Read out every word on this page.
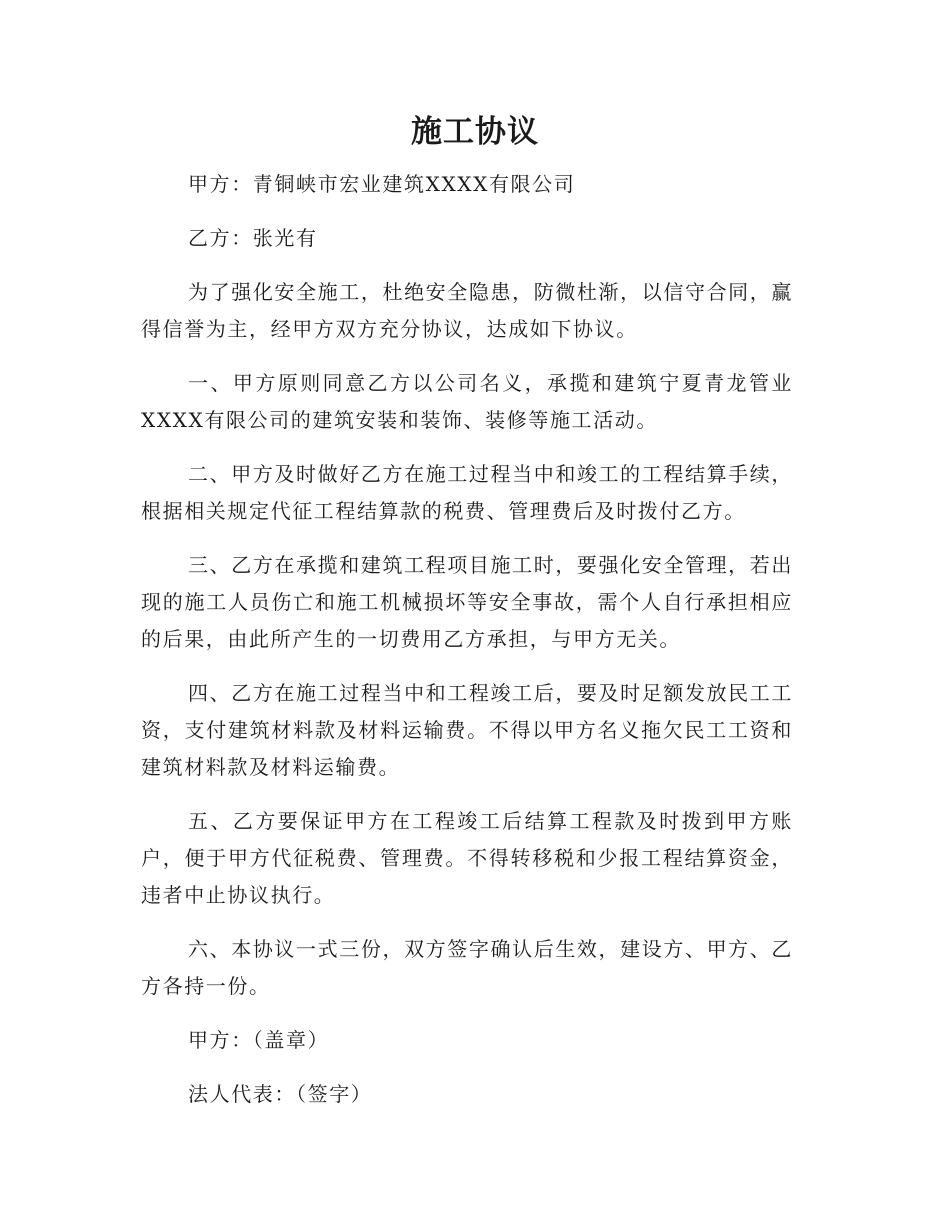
施工协议

甲方：青铜峡市宏业建筑XXXX有限公司

乙方：张光有

为了强化安全施工，杜绝安全隐患，防微杜渐，以信守合同，赢得信誉为主，经甲方双方充分协议，达成如下协议。

一、甲方原则同意乙方以公司名义，承揽和建筑宁夏青龙管业XXXX有限公司的建筑安装和装饰、装修等施工活动。

二、甲方及时做好乙方在施工过程当中和竣工的工程结算手续，根据相关规定代征工程结算款的税费、管理费后及时拨付乙方。

三、乙方在承揽和建筑工程项目施工时，要强化安全管理，若出现的施工人员伤亡和施工机械损坏等安全事故，需个人自行承担相应的后果，由此所产生的一切费用乙方承担，与甲方无关。

四、乙方在施工过程当中和工程竣工后，要及时足额发放民工工资，支付建筑材料款及材料运输费。不得以甲方名义拖欠民工工资和建筑材料款及材料运输费。

五、乙方要保证甲方在工程竣工后结算工程款及时拨到甲方账户，便于甲方代征税费、管理费。不得转移税和少报工程结算资金，违者中止协议执行。

六、本协议一式三份，双方签字确认后生效，建设方、甲方、乙方各持一份。

甲方：（盖章）

法人代表：（签字）
